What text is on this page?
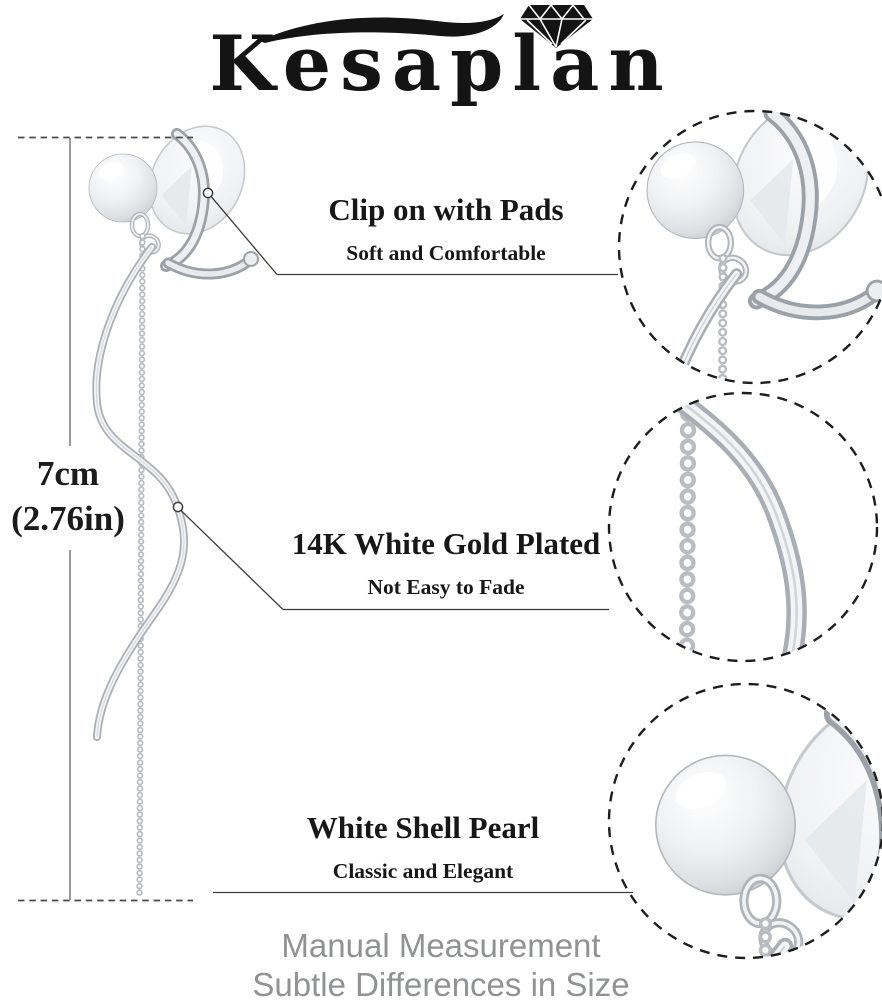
Kesaplan
7cm
(2.76in)
Clip on with Pads
Soft and Comfortable
14K White Gold Plated
Not Easy to Fade
White Shell Pearl
Classic and Elegant
Manual Measurement
Subtle Differences in Size
